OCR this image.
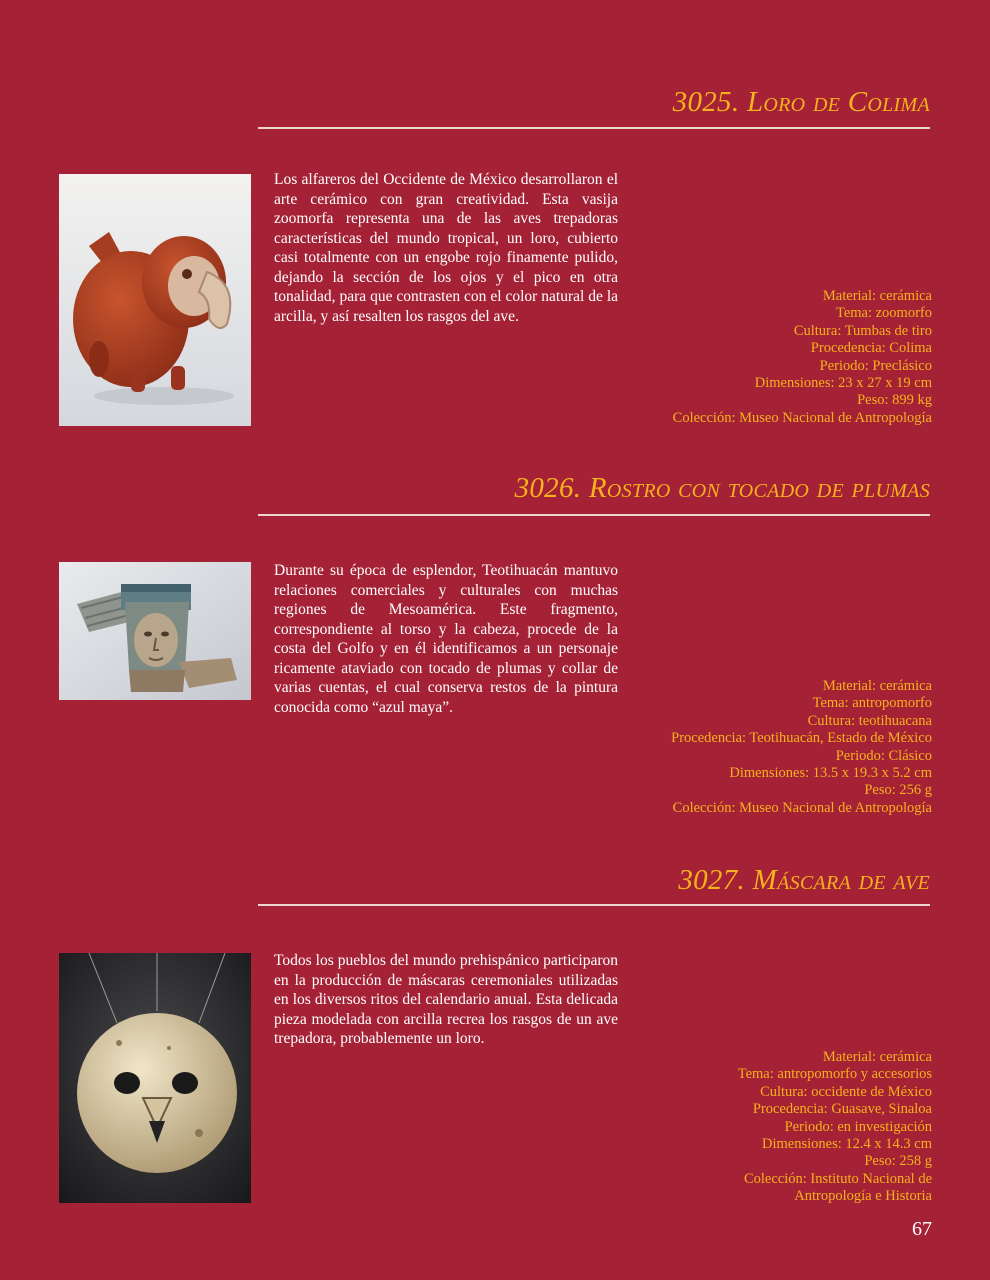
3025. Loro de Colima

Los alfareros del Occidente de México desarrollaron el arte cerámico con gran creatividad. Esta vasija zoomorfa representa una de las aves trepadoras características del mundo tropical, un loro, cubierto casi totalmente con un engobe rojo finamente pulido, dejando la sección de los ojos y el pico en otra tonalidad, para que contrasten con el color natural de la arcilla, y así resalten los rasgos del ave.

Material: cerámica
Tema: zoomorfo
Cultura: Tumbas de tiro
Procedencia: Colima
Periodo: Preclásico
Dimensiones: 23 x 27 x 19 cm
Peso: 899 kg
Colección: Museo Nacional de Antropología
3026. Rostro con tocado de plumas

Durante su época de esplendor, Teotihuacán mantuvo relaciones comerciales y culturales con muchas regiones de Mesoamérica. Este fragmento, correspondiente al torso y la cabeza, procede de la costa del Golfo y en él identificamos a un personaje ricamente ataviado con tocado de plumas y collar de varias cuentas, el cual conserva restos de la pintura conocida como “azul maya”.

Material: cerámica
Tema: antropomorfo
Cultura: teotihuacana
Procedencia: Teotihuacán, Estado de México
Periodo: Clásico
Dimensiones: 13.5 x 19.3 x 5.2 cm
Peso: 256 g
Colección: Museo Nacional de Antropología
3027. Máscara de ave

Todos los pueblos del mundo prehispánico participaron en la producción de máscaras ceremoniales utilizadas en los diversos ritos del calendario anual. Esta delicada pieza modelada con arcilla recrea los rasgos de un ave trepadora, probablemente un loro.

Material: cerámica
Tema: antropomorfo y accesorios
Cultura: occidente de México
Procedencia: Guasave, Sinaloa
Periodo: en investigación
Dimensiones: 12.4 x 14.3 cm
Peso: 258 g
Colección: Instituto Nacional de
Antropología e Historia
67
